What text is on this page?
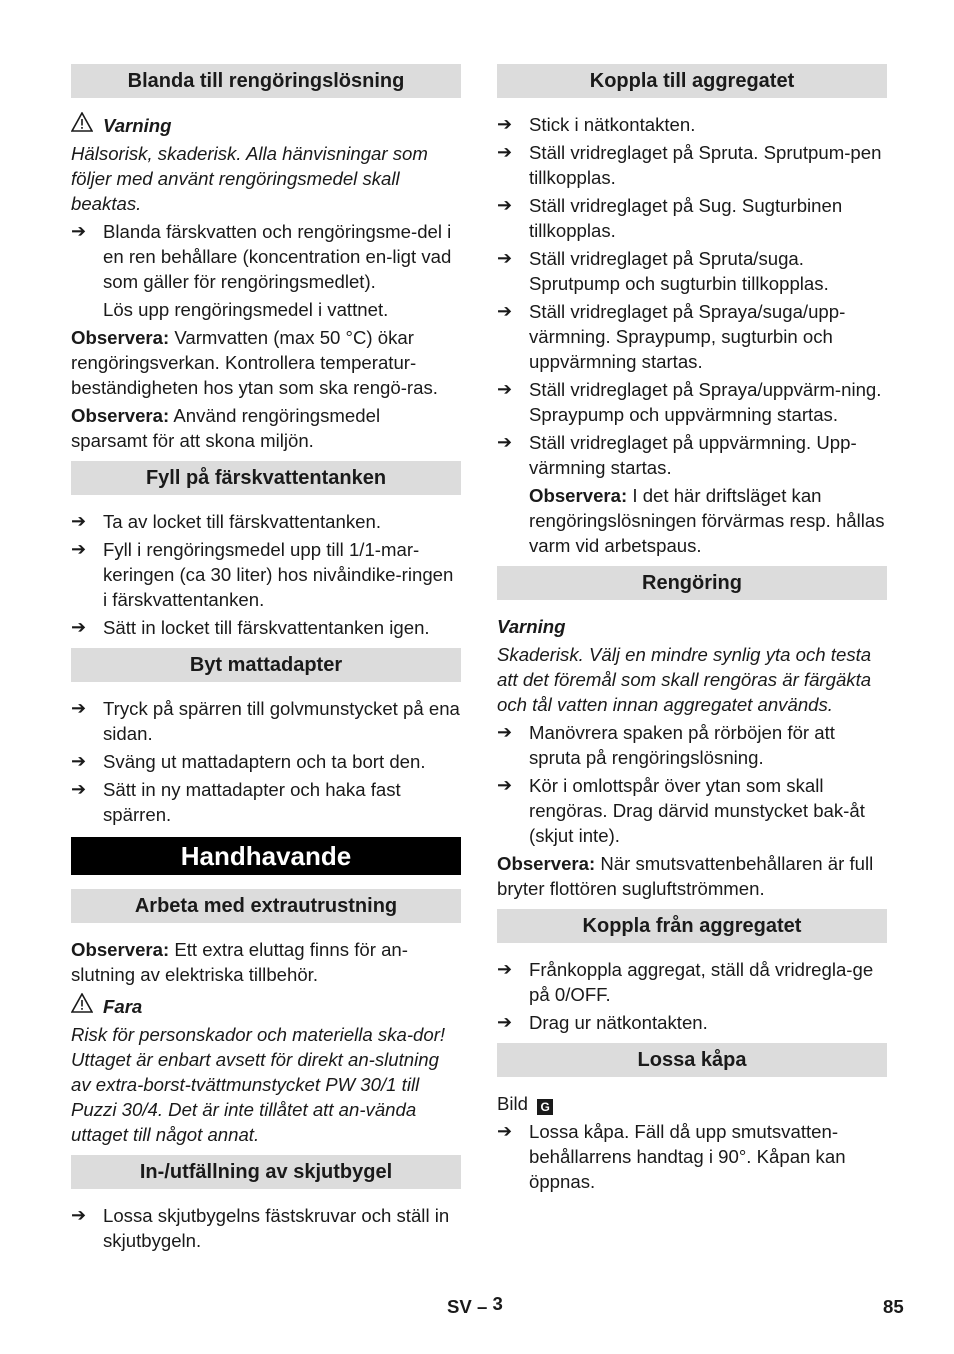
Blanda till rengöringslösning
Varning
Hälsorisk, skaderisk. Alla hänvisningar som följer med använt rengöringsmedel skall beaktas.
➔ Blanda färskvatten och rengöringsme-del i en ren behållare (koncentration en-ligt vad som gäller för rengöringsmedlet).
Lös upp rengöringsmedel i vattnet.
Observera: Varmvatten (max 50 °C) ökar rengöringsverkan. Kontrollera temperatur-beständigheten hos ytan som ska rengö-ras.
Observera: Använd rengöringsmedel sparsamt för att skona miljön.
Fyll på färskvattentanken
➔ Ta av locket till färskvattentanken.
➔ Fyll i rengöringsmedel upp till 1/1-mar-keringen (ca 30 liter) hos nivåindike-ringen i färskvattentanken.
➔ Sätt in locket till färskvattentanken igen.
Byt mattadapter
➔ Tryck på spärren till golvmunstycket på ena sidan.
➔ Sväng ut mattadaptern och ta bort den.
➔ Sätt in ny mattadapter och haka fast spärren.
Handhavande
Arbeta med extrautrustning
Observera: Ett extra eluttag finns för an-slutning av elektriska tillbehör.
Fara
Risk för personskador och materiella ska-dor! Uttaget är enbart avsett för direkt an-slutning av extra-borst-tvättmunstycket PW 30/1 till Puzzi 30/4. Det är inte tillåtet att an-vända uttaget till något annat.
In-/utfällning av skjutbygel
➔ Lossa skjutbygelns fästskruvar och ställ in skjutbygeln.
Koppla till aggregatet
➔ Stick i nätkontakten.
➔ Ställ vridreglaget på Spruta. Sprutpum-pen tillkopplas.
➔ Ställ vridreglaget på Sug. Sugturbinen tillkopplas.
➔ Ställ vridreglaget på Spruta/suga. Sprutpump och sugturbin tillkopplas.
➔ Ställ vridreglaget på Spraya/suga/upp-värmning. Spraypump, sugturbin och uppvärmning startas.
➔ Ställ vridreglaget på Spraya/uppvärm-ning. Spraypump och uppvärmning startas.
➔ Ställ vridreglaget på uppvärmning. Upp-värmning startas.
Observera: I det här driftsläget kan rengöringslösningen förvärmas resp. hållas varm vid arbetspaus.
Rengöring
Varning
Skaderisk. Välj en mindre synlig yta och testa att det föremål som skall rengöras är färgäkta och tål vatten innan aggregatet används.
➔ Manövrera spaken på rörböjen för att spruta på rengöringslösning.
➔ Kör i omlottspår över ytan som skall rengöras. Drag därvid munstycket bak-åt (skjut inte).
Observera: När smutsvattenbehållaren är full bryter flottören sugluftströmmen.
Koppla från aggregatet
➔ Frånkoppla aggregat, ställ då vridregla-ge på 0/OFF.
➔ Drag ur nätkontakten.
Lossa kåpa
Bild G
➔ Lossa kåpa. Fäll då upp smutsvatten-behållarrens handtag i 90°. Kåpan kan öppnas.
SV – 3	85
